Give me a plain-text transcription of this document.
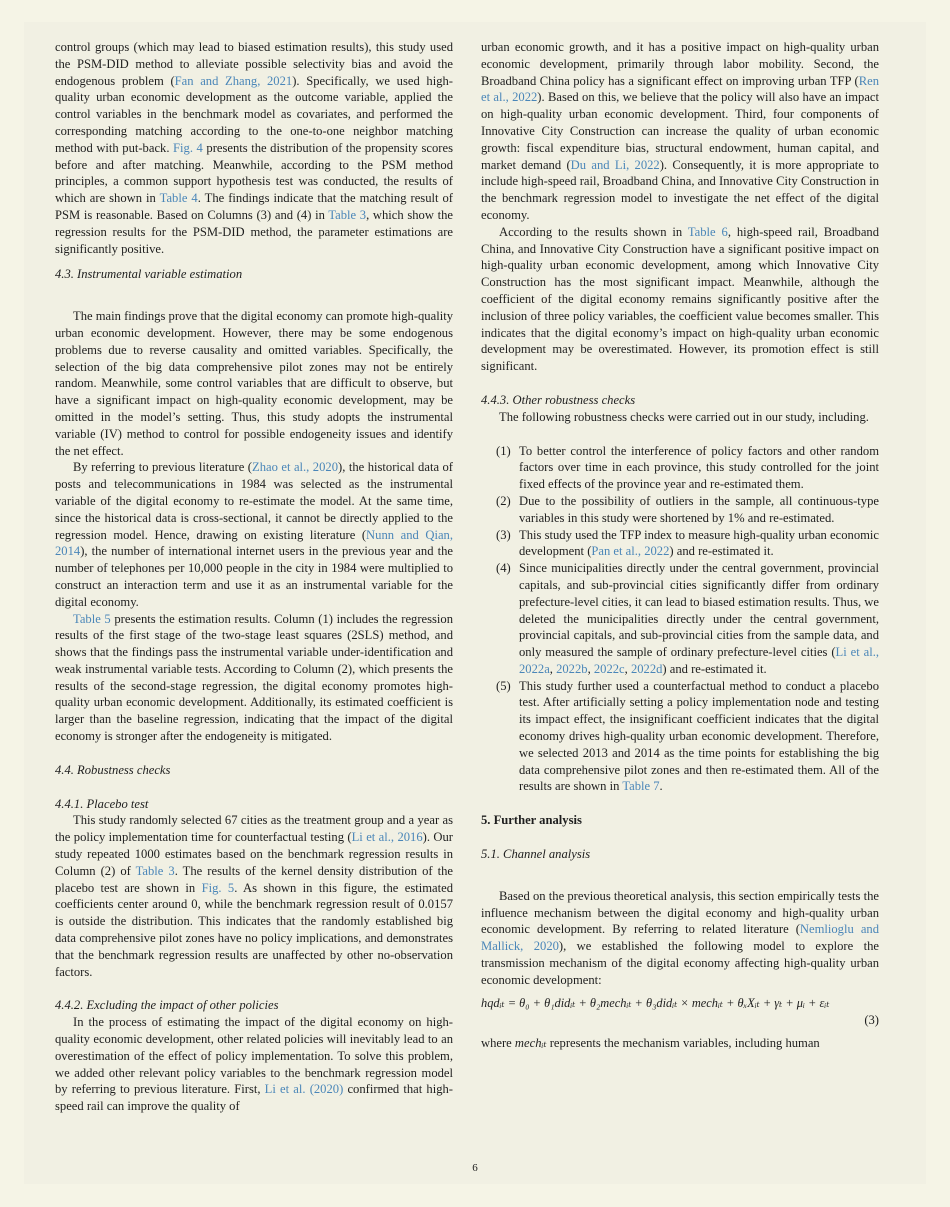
control groups (which may lead to biased estimation results), this study used the PSM-DID method to alleviate possible selectivity bias and avoid the endogenous problem (Fan and Zhang, 2021). Specifically, we used high-quality urban economic development as the outcome variable, applied the control variables in the benchmark model as covariates, and performed the corresponding matching according to the one-to-one neighbor matching method with put-back. Fig. 4 presents the distribution of the propensity scores before and after matching. Meanwhile, according to the PSM method principles, a common support hypothesis test was conducted, the results of which are shown in Table 4. The findings indicate that the matching result of PSM is reasonable. Based on Columns (3) and (4) in Table 3, which show the regression results for the PSM-DID method, the parameter estimations are significantly positive.

4.3. Instrumental variable estimation

The main findings prove that the digital economy can promote high-quality urban economic development. However, there may be some endogenous problems due to reverse causality and omitted variables. Specifically, the selection of the big data comprehensive pilot zones may not be entirely random. Meanwhile, some control variables that are difficult to observe, but have a significant impact on high-quality economic development, may be omitted in the model’s setting. Thus, this study adopts the instrumental variable (IV) method to control for possible endogeneity issues and identify the net effect.

By referring to previous literature (Zhao et al., 2020), the historical data of posts and telecommunications in 1984 was selected as the instrumental variable of the digital economy to re-estimate the model. At the same time, since the historical data is cross-sectional, it cannot be directly applied to the regression model. Hence, drawing on existing literature (Nunn and Qian, 2014), the number of international internet users in the previous year and the number of telephones per 10,000 people in the city in 1984 were multiplied to construct an interaction term and use it as an instrumental variable for the digital economy.

Table 5 presents the estimation results. Column (1) includes the regression results of the first stage of the two-stage least squares (2SLS) method, and shows that the findings pass the instrumental variable under-identification and weak instrumental variable tests. According to Column (2), which presents the results of the second-stage regression, the digital economy promotes high-quality urban economic development. Additionally, its estimated coefficient is larger than the baseline regression, indicating that the impact of the digital economy is stronger after the endogeneity is mitigated.

4.4. Robustness checks

4.4.1. Placebo test

This study randomly selected 67 cities as the treatment group and a year as the policy implementation time for counterfactual testing (Li et al., 2016). Our study repeated 1000 estimates based on the benchmark regression results in Column (2) of Table 3. The results of the kernel density distribution of the placebo test are shown in Fig. 5. As shown in this figure, the estimated coefficients center around 0, while the benchmark regression result of 0.0157 is outside the distribution. This indicates that the randomly established big data comprehensive pilot zones have no policy implications, and demonstrates that the benchmark regression results are unaffected by other no-observation factors.

4.4.2. Excluding the impact of other policies

In the process of estimating the impact of the digital economy on high-quality economic development, other related policies will inevitably lead to an overestimation of the effect of policy implementation. To solve this problem, we added other relevant policy variables to the benchmark regression model by referring to previous literature. First, Li et al. (2020) confirmed that high-speed rail can improve the quality of

urban economic growth, and it has a positive impact on high-quality urban economic development, primarily through labor mobility. Second, the Broadband China policy has a significant effect on improving urban TFP (Ren et al., 2022). Based on this, we believe that the policy will also have an impact on high-quality urban economic development. Third, four components of Innovative City Construction can increase the quality of urban economic growth: fiscal expenditure bias, structural endowment, human capital, and market demand (Du and Li, 2022). Consequently, it is more appropriate to include high-speed rail, Broadband China, and Innovative City Construction in the benchmark regression model to investigate the net effect of the digital economy.

According to the results shown in Table 6, high-speed rail, Broadband China, and Innovative City Construction have a significant positive impact on high-quality urban economic development, among which Innovative City Construction has the most significant impact. Meanwhile, although the coefficient of the digital economy remains significantly positive after the inclusion of three policy variables, the coefficient value becomes smaller. This indicates that the digital economy’s impact on high-quality urban economic development may be overestimated. However, its promotion effect is still significant.

4.4.3. Other robustness checks

The following robustness checks were carried out in our study, including.

(1) To better control the interference of policy factors and other random factors over time in each province, this study controlled for the joint fixed effects of the province year and re-estimated them.
(2) Due to the possibility of outliers in the sample, all continuous-type variables in this study were shortened by 1% and re-estimated.
(3) This study used the TFP index to measure high-quality urban economic development (Pan et al., 2022) and re-estimated it.
(4) Since municipalities directly under the central government, provincial capitals, and sub-provincial cities significantly differ from ordinary prefecture-level cities, it can lead to biased estimation results. Thus, we deleted the municipalities directly under the central government, provincial capitals, and sub-provincial cities from the sample data, and only measured the sample of ordinary prefecture-level cities (Li et al., 2022a, 2022b, 2022c, 2022d) and re-estimated it.
(5) This study further used a counterfactual method to conduct a placebo test. After artificially setting a policy implementation node and testing its impact effect, the insignificant coefficient indicates that the digital economy drives high-quality urban economic development. Therefore, we selected 2013 and 2014 as the time points for establishing the big data comprehensive pilot zones and then re-estimated them. All of the results are shown in Table 7.

5. Further analysis

5.1. Channel analysis

Based on the previous theoretical analysis, this section empirically tests the influence mechanism between the digital economy and high-quality urban economic development. By referring to related literature (Nemlioglu and Mallick, 2020), we established the following model to explore the transmission mechanism of the digital economy affecting high-quality urban economic development:

hqdᵢₜ = θ₀ + θ₁didᵢₜ + θ₂mechᵢₜ + θ₃didᵢₜ × mechᵢₜ + θₓXᵢₜ + γₜ + μᵢ + εᵢₜ
(3)

where mechᵢₜ represents the mechanism variables, including human

6
